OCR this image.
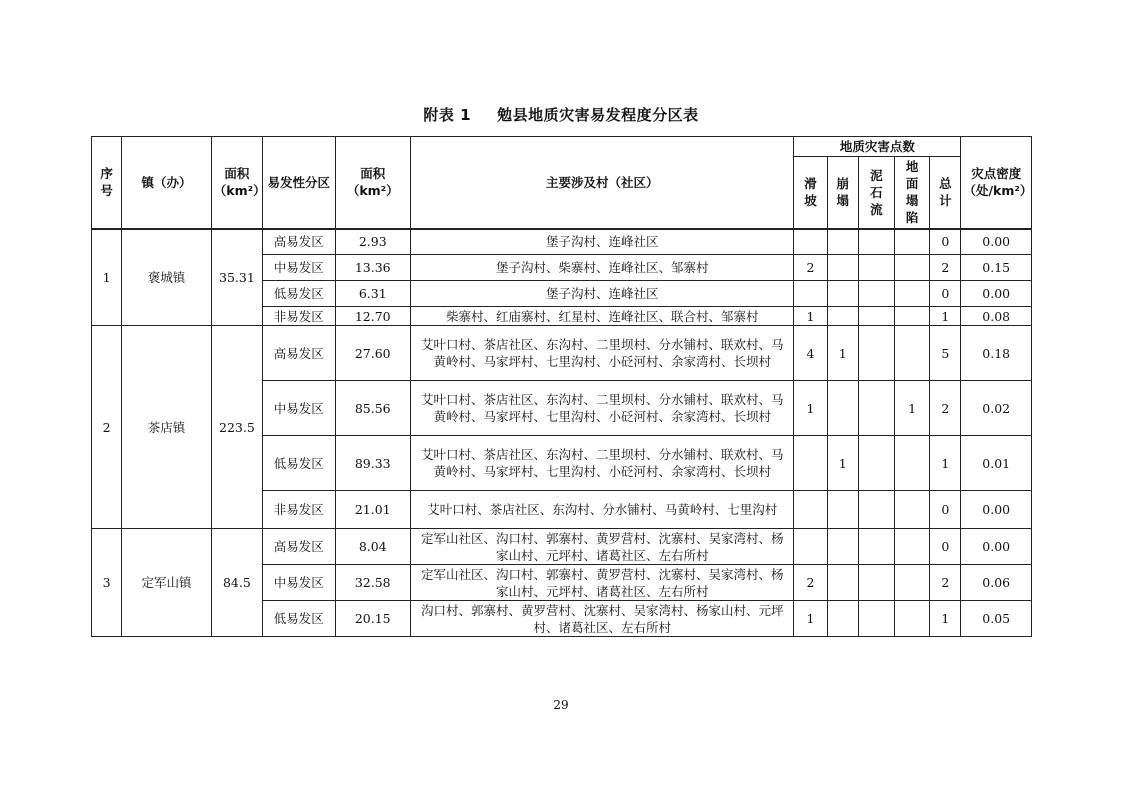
附表 1 勉县地质灾害易发程度分区表
序号	镇（办）	面积（km²）	易发性分区	面积（km²）	主要涉及村（社区）	地质灾害点数					灾点密度（处/km²）
						滑坡	崩塌	泥石流	地面塌陷	总计	
1	褒城镇	35.31	高易发区	2.93	堡子沟村、连峰社区					0	0.00
			中易发区	13.36	堡子沟村、柴寨村、连峰社区、邹寨村	2				2	0.15
			低易发区	6.31	堡子沟村、连峰社区					0	0.00
			非易发区	12.70	柴寨村、红庙寨村、红星村、连峰社区、联合村、邹寨村	1				1	0.08
2	茶店镇	223.5	高易发区	27.60	艾叶口村、茶店社区、东沟村、二里坝村、分水铺村、联欢村、马黄岭村、马家坪村、七里沟村、小砭河村、余家湾村、长坝村	4	1			5	0.18
			中易发区	85.56	艾叶口村、茶店社区、东沟村、二里坝村、分水铺村、联欢村、马黄岭村、马家坪村、七里沟村、小砭河村、余家湾村、长坝村	1			1	2	0.02
			低易发区	89.33	艾叶口村、茶店社区、东沟村、二里坝村、分水铺村、联欢村、马黄岭村、马家坪村、七里沟村、小砭河村、余家湾村、长坝村		1			1	0.01
			非易发区	21.01	艾叶口村、茶店社区、东沟村、分水铺村、马黄岭村、七里沟村					0	0.00
3	定军山镇	84.5	高易发区	8.04	定军山社区、沟口村、郭寨村、黄罗营村、沈寨村、吴家湾村、杨家山村、元坪村、诸葛社区、左右所村					0	0.00
			中易发区	32.58	定军山社区、沟口村、郭寨村、黄罗营村、沈寨村、吴家湾村、杨家山村、元坪村、诸葛社区、左右所村	2				2	0.06
			低易发区	20.15	沟口村、郭寨村、黄罗营村、沈寨村、吴家湾村、杨家山村、元坪村、诸葛社区、左右所村	1				1	0.05
29
